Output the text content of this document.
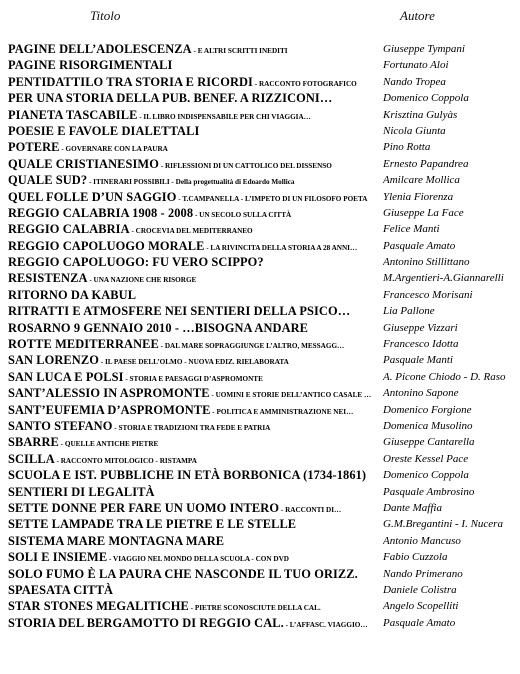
Titolo	Autore
PAGINE DELL’ADOLESCENZA - E ALTRI SCRITTI INEDITI	Giuseppe Tympani
PAGINE RISORGIMENTALI	Fortunato Aloi
PENTIDATTILO TRA STORIA E RICORDI - RACCONTO FOTOGRAFICO	Nando Tropea
PER UNA STORIA DELLA PUB. BENEF. A RIZZICONI…	Domenico Coppola
PIANETA TASCABILE - IL LIBRO INDISPENSABILE PER CHI VIAGGIA…	Krisztina Gulyàs
POESIE E FAVOLE DIALETTALI	Nicola Giunta
POTERE - GOVERNARE CON LA PAURA	Pino Rotta
QUALE CRISTIANESIMO - RIFLESSIONI DI UN CATTOLICO DEL DISSENSO	Ernesto Papandrea
QUALE SUD? - ITINERARI POSSIBILI - Della progettualità di Edoardo Mollica	Amilcare Mollica
QUEL FOLLE D’UN SAGGIO - T.CAMPANELLA - L’IMPETO DI UN FILOSOFO POETA	Ylenia Fiorenza
REGGIO CALABRIA 1908 - 2008 - UN SECOLO SULLA CITTÀ	Giuseppe La Face
REGGIO CALABRIA - CROCEVIA DEL MEDITERRANEO	Felice Manti
REGGIO CAPOLUOGO MORALE - LA RIVINCITA DELLA STORIA A 28 ANNI…	Pasquale Amato
REGGIO CAPOLUOGO: FU VERO SCIPPO?	Antonino Stillittano
RESISTENZA - UNA NAZIONE CHE RISORGE	M.Argentieri-A.Giannarelli
RITORNO DA KABUL	Francesco Morisani
RITRATTI E ATMOSFERE NEI SENTIERI DELLA PSICO…	Lia Pallone
ROSARNO 9 GENNAIO 2010 - …BISOGNA ANDARE	Giuseppe Vizzari
ROTTE MEDITERRANEE - DAL MARE SOPRAGGIUNGE L’ALTRO, MESSAGG…	Francesco Idotta
SAN LORENZO - IL PAESE DELL’OLMO - NUOVA EDIZ. RIELABORATA	Pasquale Manti
SAN LUCA E POLSI - STORIA E PAESAGGI D’ASPROMONTE	A. Picone Chiodo - D. Raso
SANT’ALESSIO IN ASPROMONTE - UOMINI E STORIE DELL’ANTICO CASALE …	Antonino Sapone
SANT’EUFEMIA D’ASPROMONTE - POLITICA E AMMINISTRAZIONE NEI…	Domenico Forgione
SANTO STEFANO - STORIA E TRADIZIONI TRA FEDE E PATRIA	Domenica Musolino
SBARRE - QUELLE ANTICHE PIETRE	Giuseppe Cantarella
SCILLA - RACCONTO MITOLOGICO - RISTAMPA	Oreste Kessel Pace
SCUOLA E IST. PUBBLICHE IN ETÀ BORBONICA (1734-1861)	Domenico Coppola
SENTIERI DI LEGALITÀ	Pasquale Ambrosino
SETTE DONNE PER FARE UN UOMO INTERO - RACCONTI DI…	Dante Maffia
SETTE LAMPADE TRA LE PIETRE E LE STELLE	G.M.Bregantini - I. Nucera
SISTEMA MARE MONTAGNA MARE	Antonio Mancuso
SOLI E INSIEME - VIAGGIO NEL MONDO DELLA SCUOLA - CON DVD	Fabio Cuzzola
SOLO FUMO È LA PAURA CHE NASCONDE IL TUO ORIZZ.	Nando Primerano
SPAESATA CITTÀ	Daniele Colistra
STAR STONES MEGALITICHE - PIETRE SCONOSCIUTE DELLA CAL.	Angelo Scopelliti
STORIA DEL BERGAMOTTO DI REGGIO CAL. - L’AFFASC. VIAGGIO…	Pasquale Amato
